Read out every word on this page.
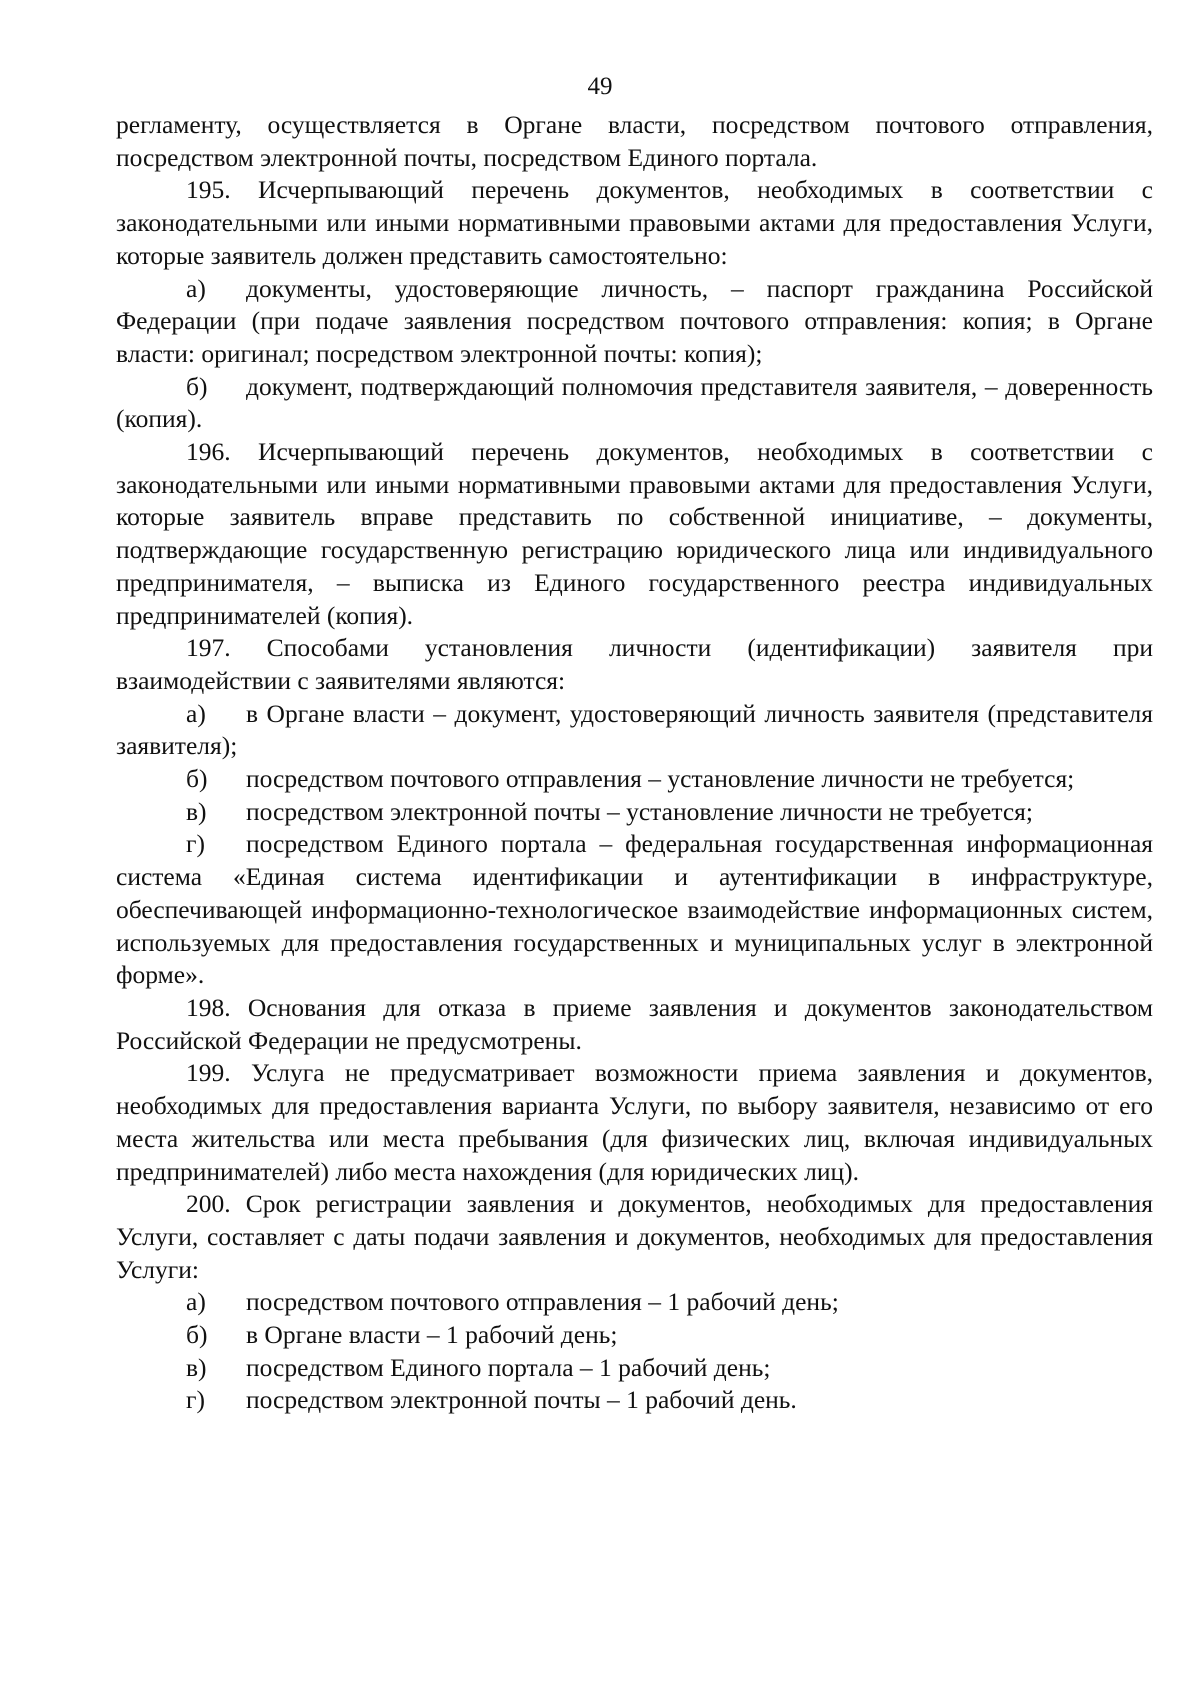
49

регламенту, осуществляется в Органе власти, посредством почтового отправления, посредством электронной почты, посредством Единого портала.

195. Исчерпывающий перечень документов, необходимых в соответствии с законодательными или иными нормативными правовыми актами для предоставления Услуги, которые заявитель должен представить самостоятельно:

а) документы, удостоверяющие личность, – паспорт гражданина Российской Федерации (при подаче заявления посредством почтового отправления: копия; в Органе власти: оригинал; посредством электронной почты: копия);

б) документ, подтверждающий полномочия представителя заявителя, – доверенность (копия).

196. Исчерпывающий перечень документов, необходимых в соответствии с законодательными или иными нормативными правовыми актами для предоставления Услуги, которые заявитель вправе представить по собственной инициативе, – документы, подтверждающие государственную регистрацию юридического лица или индивидуального предпринимателя, – выписка из Единого государственного реестра индивидуальных предпринимателей (копия).

197. Способами установления личности (идентификации) заявителя при взаимодействии с заявителями являются:

а) в Органе власти – документ, удостоверяющий личность заявителя (представителя заявителя);

б) посредством почтового отправления – установление личности не требуется;

в) посредством электронной почты – установление личности не требуется;

г) посредством Единого портала – федеральная государственная информационная система «Единая система идентификации и аутентификации в инфраструктуре, обеспечивающей информационно-технологическое взаимодействие информационных систем, используемых для предоставления государственных и муниципальных услуг в электронной форме».

198. Основания для отказа в приеме заявления и документов законодательством Российской Федерации не предусмотрены.

199. Услуга не предусматривает возможности приема заявления и документов, необходимых для предоставления варианта Услуги, по выбору заявителя, независимо от его места жительства или места пребывания (для физических лиц, включая индивидуальных предпринимателей) либо места нахождения (для юридических лиц).

200. Срок регистрации заявления и документов, необходимых для предоставления Услуги, составляет с даты подачи заявления и документов, необходимых для предоставления Услуги:

а) посредством почтового отправления – 1 рабочий день;

б) в Органе власти – 1 рабочий день;

в) посредством Единого портала – 1 рабочий день;

г) посредством электронной почты – 1 рабочий день.
